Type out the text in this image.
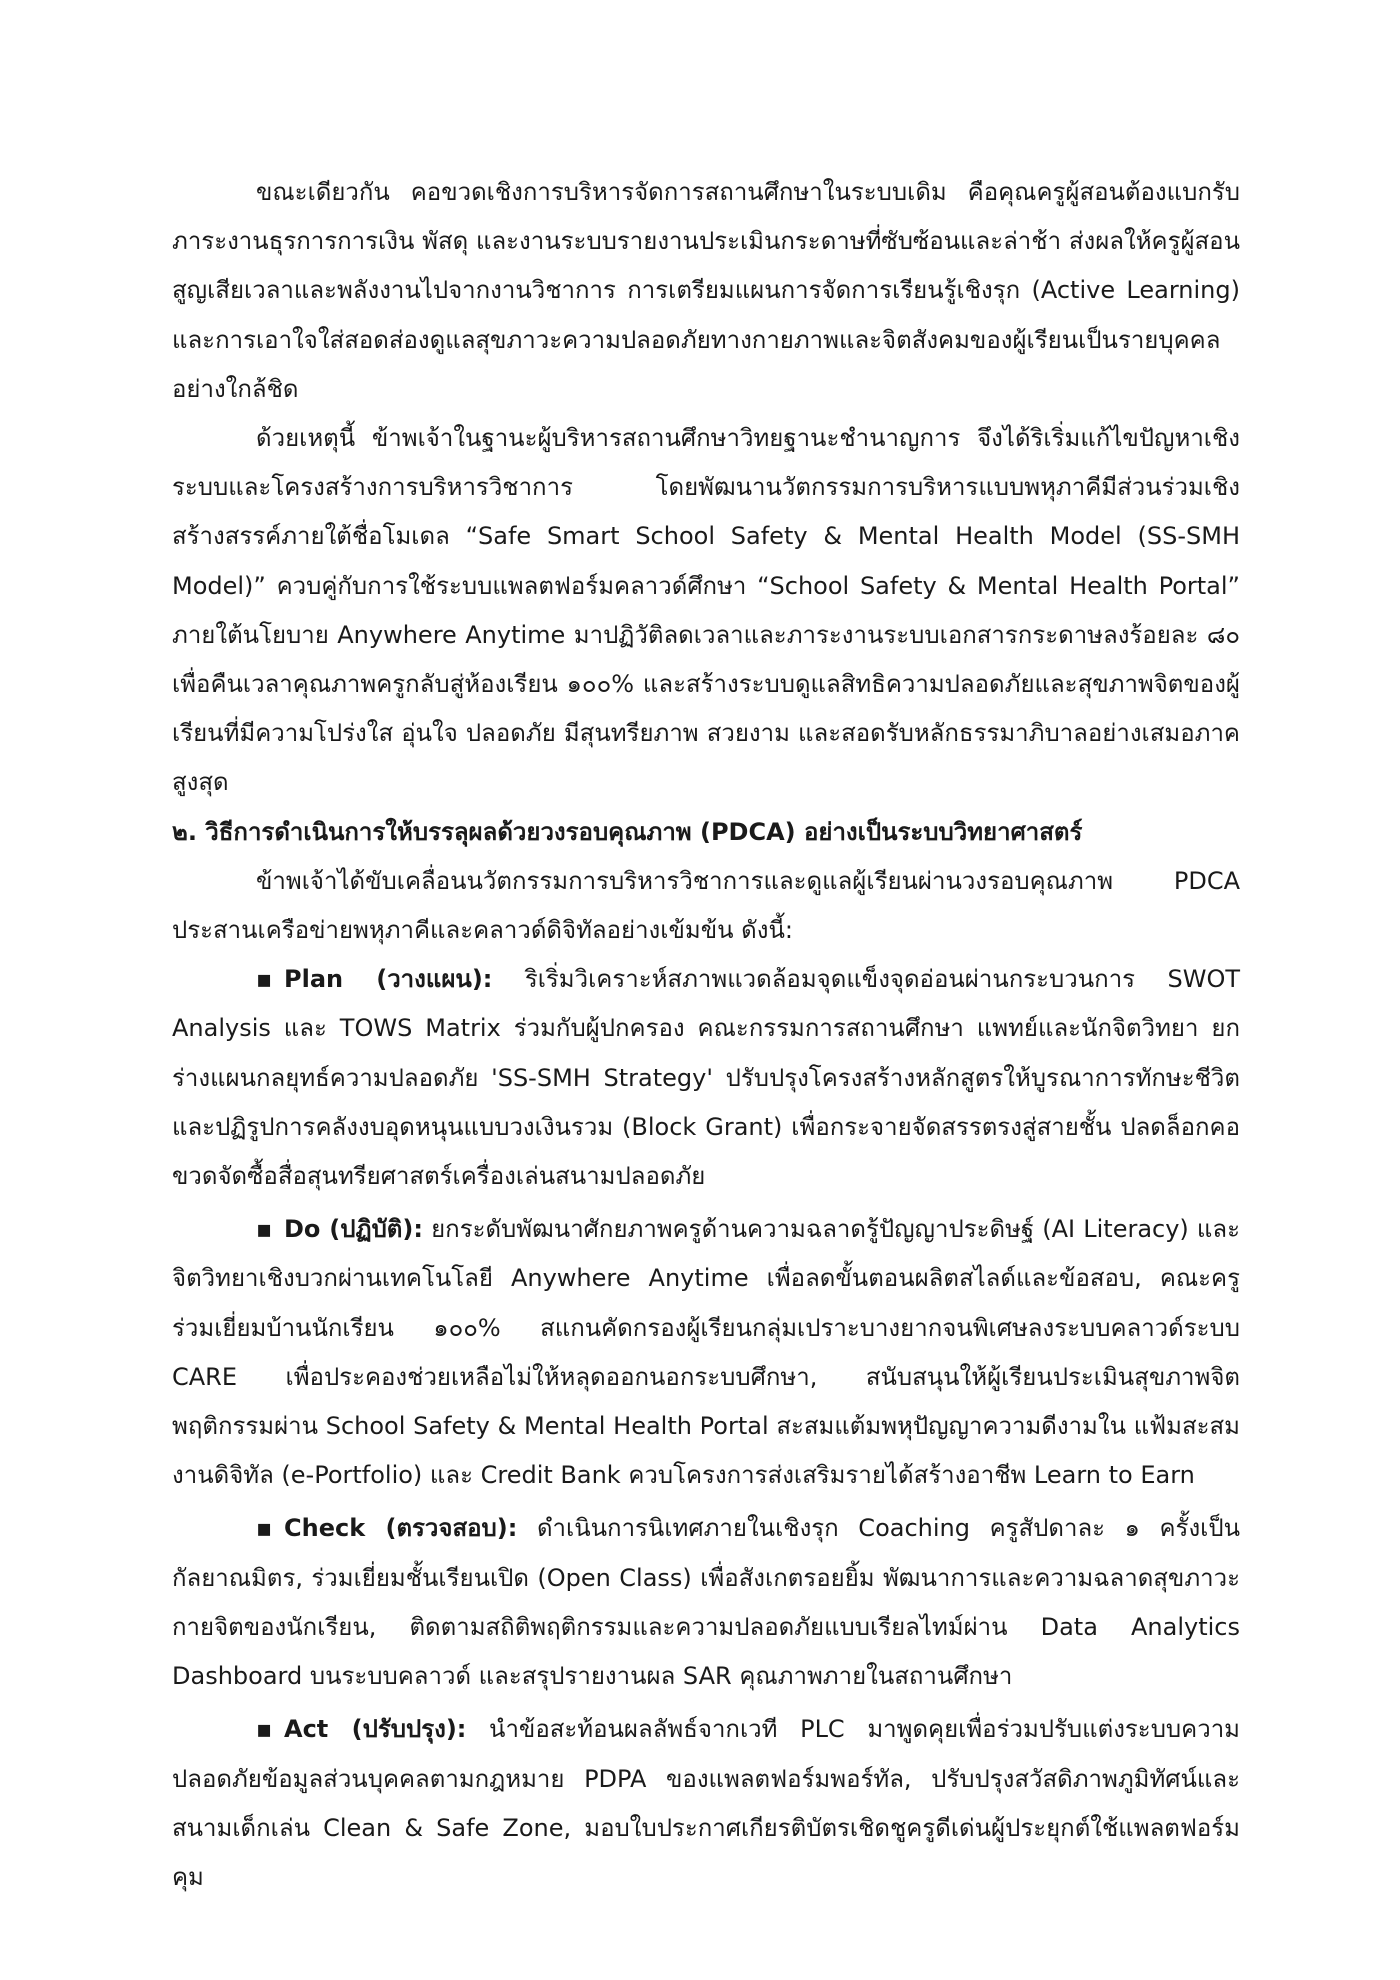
ขณะเดียวกัน คอขวดเชิงการบริหารจัดการสถานศึกษาในระบบเดิม คือคุณครูผู้สอนต้องแบกรับภาระงานธุรการการเงิน พัสดุ และงานระบบรายงานประเมินกระดาษที่ซับซ้อนและล่าช้า ส่งผลให้ครูผู้สอนสูญเสียเวลาและพลังงานไปจากงานวิชาการ การเตรียมแผนการจัดการเรียนรู้เชิงรุก (Active Learning) และการเอาใจใส่สอดส่องดูแลสุขภาวะความปลอดภัยทางกายภาพและจิตสังคมของผู้เรียนเป็นรายบุคคลอย่างใกล้ชิด

ด้วยเหตุนี้ ข้าพเจ้าในฐานะผู้บริหารสถานศึกษาวิทยฐานะชำนาญการ จึงได้ริเริ่มแก้ไขปัญหาเชิงระบบและโครงสร้างการบริหารวิชาการ โดยพัฒนานวัตกรรมการบริหารแบบพหุภาคีมีส่วนร่วมเชิงสร้างสรรค์ภายใต้ชื่อโมเดล “Safe Smart School Safety & Mental Health Model (SS-SMH Model)” ควบคู่กับการใช้ระบบแพลตฟอร์มคลาวด์ศึกษา “School Safety & Mental Health Portal” ภายใต้นโยบาย Anywhere Anytime มาปฏิวัติลดเวลาและภาระงานระบบเอกสารกระดาษลงร้อยละ ๘๐ เพื่อคืนเวลาคุณภาพครูกลับสู่ห้องเรียน ๑๐๐% และสร้างระบบดูแลสิทธิความปลอดภัยและสุขภาพจิตของผู้เรียนที่มีความโปร่งใส อุ่นใจ ปลอดภัย มีสุนทรียภาพ สวยงาม และสอดรับหลักธรรมาภิบาลอย่างเสมอภาคสูงสุด

๒. วิธีการดำเนินการให้บรรลุผลด้วยวงรอบคุณภาพ (PDCA) อย่างเป็นระบบวิทยาศาสตร์

ข้าพเจ้าได้ขับเคลื่อนนวัตกรรมการบริหารวิชาการและดูแลผู้เรียนผ่านวงรอบคุณภาพ PDCA ประสานเครือข่ายพหุภาคีและคลาวด์ดิจิทัลอย่างเข้มข้น ดังนี้:

▪ Plan (วางแผน): ริเริ่มวิเคราะห์สภาพแวดล้อมจุดแข็งจุดอ่อนผ่านกระบวนการ SWOT Analysis และ TOWS Matrix ร่วมกับผู้ปกครอง คณะกรรมการสถานศึกษา แพทย์และนักจิตวิทยา ยกร่างแผนกลยุทธ์ความปลอดภัย 'SS-SMH Strategy' ปรับปรุงโครงสร้างหลักสูตรให้บูรณาการทักษะชีวิต และปฏิรูปการคลังงบอุดหนุนแบบวงเงินรวม (Block Grant) เพื่อกระจายจัดสรรตรงสู่สายชั้น ปลดล็อกคอขวดจัดซื้อสื่อสุนทรียศาสตร์เครื่องเล่นสนามปลอดภัย

▪ Do (ปฏิบัติ): ยกระดับพัฒนาศักยภาพครูด้านความฉลาดรู้ปัญญาประดิษฐ์ (AI Literacy) และจิตวิทยาเชิงบวกผ่านเทคโนโลยี Anywhere Anytime เพื่อลดขั้นตอนผลิตสไลด์และข้อสอบ, คณะครูร่วมเยี่ยมบ้านนักเรียน ๑๐๐% สแกนคัดกรองผู้เรียนกลุ่มเปราะบางยากจนพิเศษลงระบบคลาวด์ระบบ CARE เพื่อประคองช่วยเหลือไม่ให้หลุดออกนอกระบบศึกษา, สนับสนุนให้ผู้เรียนประเมินสุขภาพจิตพฤติกรรมผ่าน School Safety & Mental Health Portal สะสมแต้มพหุปัญญาความดีงามใน แฟ้มสะสมงานดิจิทัล (e-Portfolio) และ Credit Bank ควบโครงการส่งเสริมรายได้สร้างอาชีพ Learn to Earn

▪ Check (ตรวจสอบ): ดำเนินการนิเทศภายในเชิงรุก Coaching ครูสัปดาละ ๑ ครั้งเป็นกัลยาณมิตร, ร่วมเยี่ยมชั้นเรียนเปิด (Open Class) เพื่อสังเกตรอยยิ้ม พัฒนาการและความฉลาดสุขภาวะกายจิตของนักเรียน, ติดตามสถิติพฤติกรรมและความปลอดภัยแบบเรียลไทม์ผ่าน Data Analytics Dashboard บนระบบคลาวด์ และสรุปรายงานผล SAR คุณภาพภายในสถานศึกษา

▪ Act (ปรับปรุง): นำข้อสะท้อนผลลัพธ์จากเวที PLC มาพูดคุยเพื่อร่วมปรับแต่งระบบความปลอดภัยข้อมูลส่วนบุคคลตามกฎหมาย PDPA ของแพลตฟอร์มพอร์ทัล, ปรับปรุงสวัสดิภาพภูมิทัศน์และสนามเด็กเล่น Clean & Safe Zone, มอบใบประกาศเกียรติบัตรเชิดชูครูดีเด่นผู้ประยุกต์ใช้แพลตฟอร์มคุม
